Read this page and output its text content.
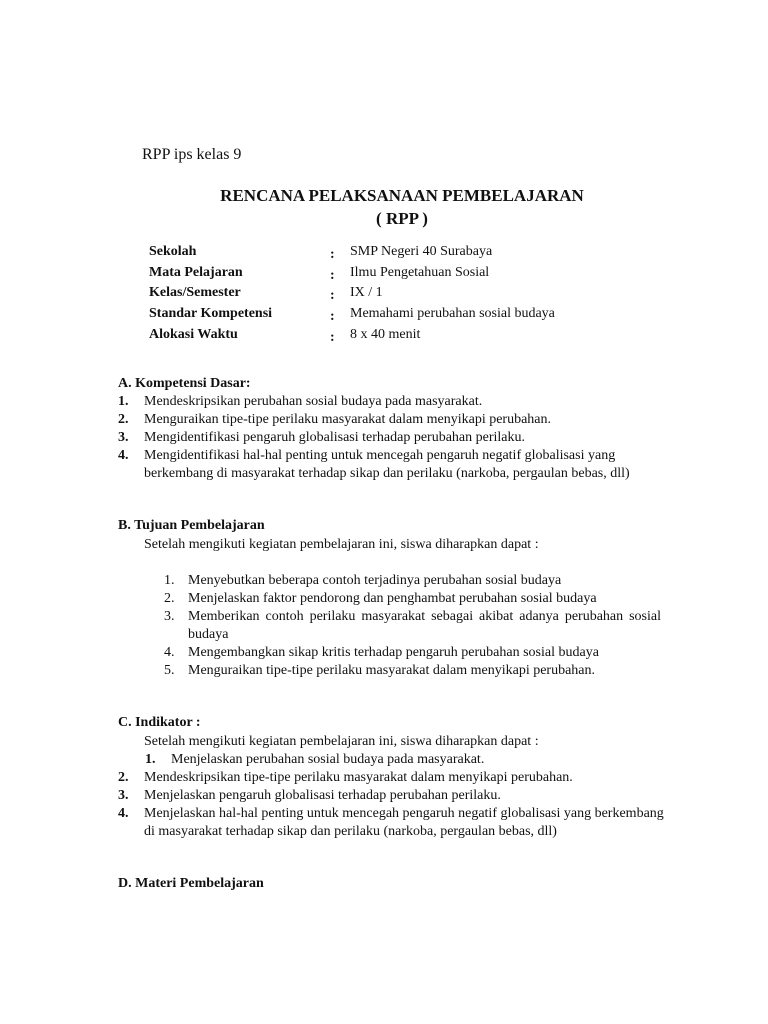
RPP ips kelas 9
RENCANA PELAKSANAAN PEMBELAJARAN
( RPP )
Sekolah	: SMP Negeri 40 Surabaya
Mata Pelajaran	: Ilmu Pengetahuan Sosial
Kelas/Semester	: IX / 1
Standar Kompetensi	: Memahami perubahan sosial budaya
Alokasi Waktu	: 8 x 40 menit
A. Kompetensi Dasar:
1. Mendeskripsikan perubahan sosial budaya pada masyarakat.
2. Menguraikan tipe-tipe perilaku masyarakat dalam menyikapi perubahan.
3. Mengidentifikasi pengaruh globalisasi terhadap perubahan perilaku.
4. Mengidentifikasi hal-hal penting untuk mencegah pengaruh negatif globalisasi yang berkembang di masyarakat terhadap sikap dan perilaku (narkoba, pergaulan bebas, dll)
B. Tujuan Pembelajaran
Setelah mengikuti kegiatan pembelajaran ini, siswa diharapkan dapat :
1. Menyebutkan beberapa contoh terjadinya perubahan sosial budaya
2. Menjelaskan faktor pendorong dan penghambat perubahan sosial budaya
3. Memberikan contoh perilaku masyarakat sebagai akibat adanya perubahan sosial budaya
4. Mengembangkan sikap kritis terhadap pengaruh perubahan sosial budaya
5. Menguraikan tipe-tipe perilaku masyarakat dalam menyikapi perubahan.
C. Indikator :
Setelah mengikuti kegiatan pembelajaran ini, siswa diharapkan dapat :
1. Menjelaskan perubahan sosial budaya pada masyarakat.
2. Mendeskripsikan tipe-tipe perilaku masyarakat dalam menyikapi perubahan.
3. Menjelaskan pengaruh globalisasi terhadap perubahan perilaku.
4. Menjelaskan hal-hal penting untuk mencegah pengaruh negatif globalisasi yang berkembang di masyarakat terhadap sikap dan perilaku (narkoba, pergaulan bebas, dll)
D. Materi Pembelajaran
